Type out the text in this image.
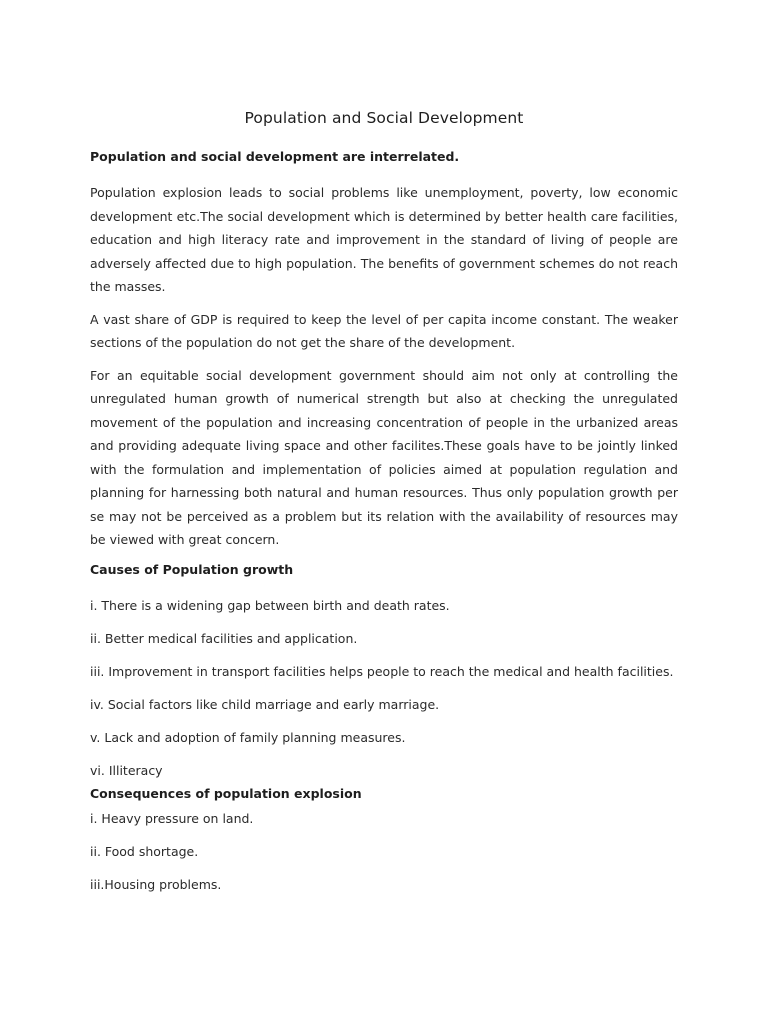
Population and Social Development
Population and social development are interrelated.

Population explosion leads to social problems like unemployment, poverty, low economic development etc.The social development which is determined by better health care facilities, education and high literacy rate and improvement in the standard of living of people are adversely affected due to high population. The benefits of government schemes do not reach the masses.

A vast share of GDP is required to keep the level of per capita income constant. The weaker sections of the population do not get the share of the development.

For an equitable social development government should aim not only at controlling the unregulated human growth of numerical strength but also at checking the unregulated movement of the population and increasing concentration of people in the urbanized areas and providing adequate living space and other facilites.These goals have to be jointly linked with the formulation and implementation of policies aimed at population regulation and planning for harnessing both natural and human resources. Thus only population growth per se may not be perceived as a problem but its relation with the availability of resources may be viewed with great concern.

Causes of Population growth

i. There is a widening gap between birth and death rates.

ii. Better medical facilities and application.

iii. Improvement in transport facilities helps people to reach the medical and health facilities.

iv. Social factors like child marriage and early marriage.

v. Lack and adoption of family planning measures.

vi. Illiteracy

Consequences of population explosion

i. Heavy pressure on land.

ii. Food shortage.

iii.Housing problems.
